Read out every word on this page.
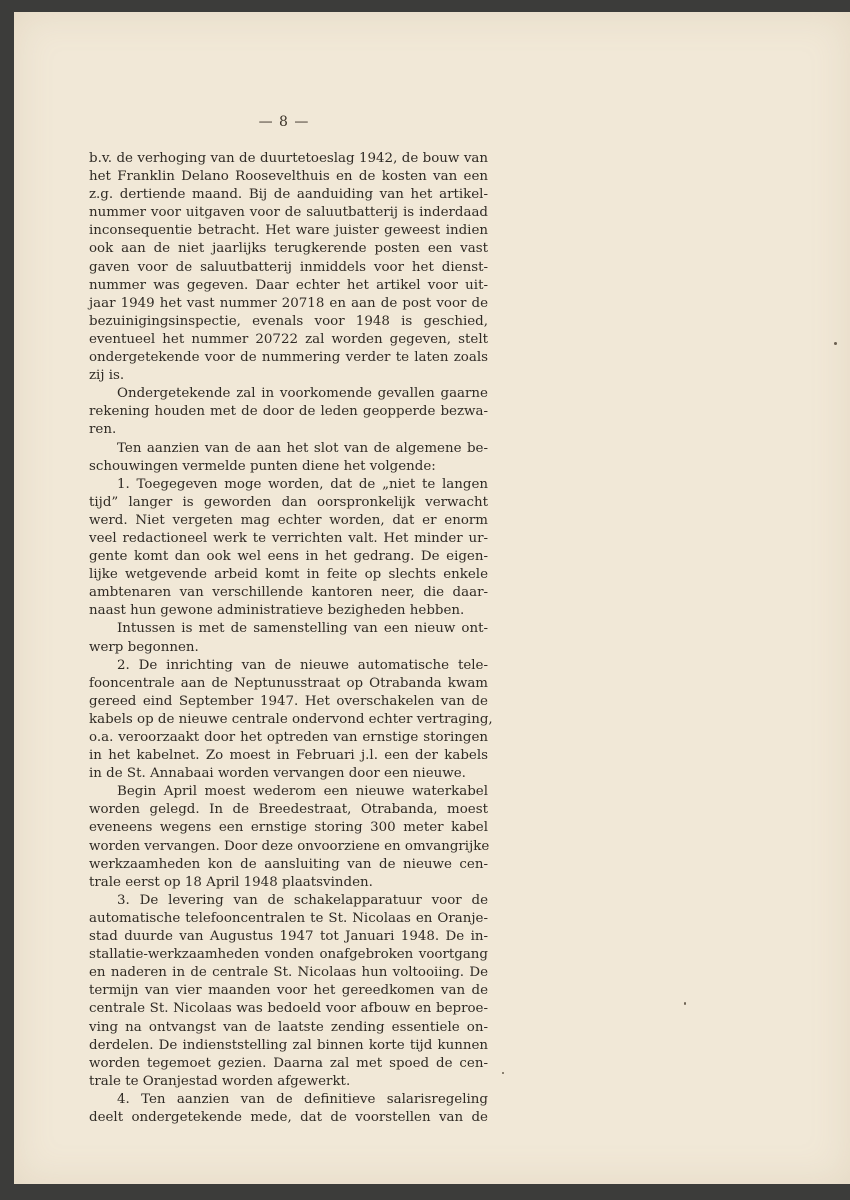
— 8 —

b.v. de verhoging van de duurtetoeslag 1942, de bouw van
het Franklin Delano Roosevelthuis en de kosten van een
z.g. dertiende maand. Bij de aanduiding van het artikel-
nummer voor uitgaven voor de saluutbatterij is inderdaad
inconsequentie betracht. Het ware juister geweest indien
ook aan de niet jaarlijks terugkerende posten een vast
gaven voor de saluutbatterij inmiddels voor het dienst-
nummer was gegeven. Daar echter het artikel voor uit-
jaar 1949 het vast nummer 20718 en aan de post voor de
bezuinigingsinspectie, evenals voor 1948 is geschied,
eventueel het nummer 20722 zal worden gegeven, stelt
ondergetekende voor de nummering verder te laten zoals
zij is.

Ondergetekende zal in voorkomende gevallen gaarne
rekening houden met de door de leden geopperde bezwa-
ren.

Ten aanzien van de aan het slot van de algemene be-
schouwingen vermelde punten diene het volgende:

1. Toegegeven moge worden, dat de „niet te langen
tijd” langer is geworden dan oorspronkelijk verwacht
werd. Niet vergeten mag echter worden, dat er enorm
veel redactioneel werk te verrichten valt. Het minder ur-
gente komt dan ook wel eens in het gedrang. De eigen-
lijke wetgevende arbeid komt in feite op slechts enkele
ambtenaren van verschillende kantoren neer, die daar-
naast hun gewone administratieve bezigheden hebben.

Intussen is met de samenstelling van een nieuw ont-
werp begonnen.

2. De inrichting van de nieuwe automatische tele-
fooncentrale aan de Neptunusstraat op Otrabanda kwam
gereed eind September 1947. Het overschakelen van de
kabels op de nieuwe centrale ondervond echter vertraging,
o.a. veroorzaakt door het optreden van ernstige storingen
in het kabelnet. Zo moest in Februari j.l. een der kabels
in de St. Annabaai worden vervangen door een nieuwe.

Begin April moest wederom een nieuwe waterkabel
worden gelegd. In de Breedestraat, Otrabanda, moest
eveneens wegens een ernstige storing 300 meter kabel
worden vervangen. Door deze onvoorziene en omvangrijke
werkzaamheden kon de aansluiting van de nieuwe cen-
trale eerst op 18 April 1948 plaatsvinden.

3. De levering van de schakelapparatuur voor de
automatische telefooncentralen te St. Nicolaas en Oranje-
stad duurde van Augustus 1947 tot Januari 1948. De in-
stallatie-werkzaamheden vonden onafgebroken voortgang
en naderen in de centrale St. Nicolaas hun voltooiing. De
termijn van vier maanden voor het gereedkomen van de
centrale St. Nicolaas was bedoeld voor afbouw en beproe-
ving na ontvangst van de laatste zending essentiele on-
derdelen. De indienststelling zal binnen korte tijd kunnen
worden tegemoet gezien. Daarna zal met spoed de cen-
trale te Oranjestad worden afgewerkt.

4. Ten aanzien van de definitieve salarisregeling
deelt ondergetekende mede, dat de voorstellen van de
